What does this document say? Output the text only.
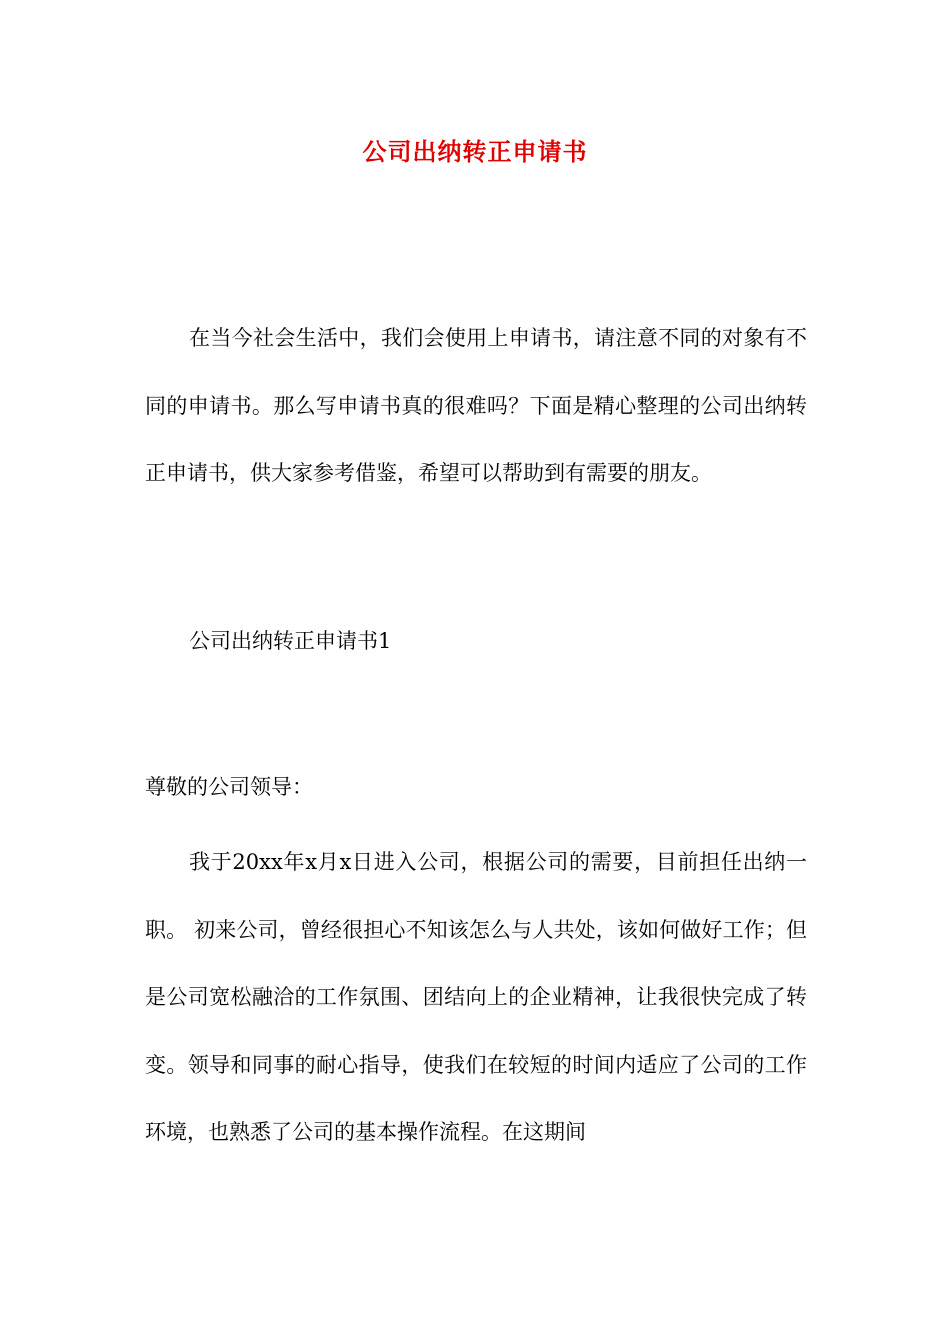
公司出纳转正申请书

在当今社会生活中，我们会使用上申请书，请注意不同的对象有不同的申请书。那么写申请书真的很难吗？下面是精心整理的公司出纳转正申请书，供大家参考借鉴，希望可以帮助到有需要的朋友。

公司出纳转正申请书1

尊敬的公司领导：

我于20xx年x月x日进入公司，根据公司的需要，目前担任出纳一职。 初来公司，曾经很担心不知该怎么与人共处，该如何做好工作；但是公司宽松融洽的工作氛围、团结向上的企业精神，让我很快完成了转变。领导和同事的耐心指导，使我们在较短的时间内适应了公司的工作环境，也熟悉了公司的基本操作流程。在这期间
